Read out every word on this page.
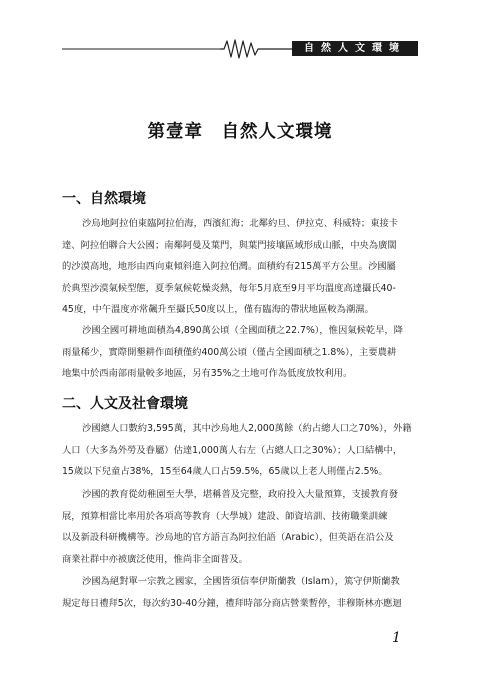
自然人文環境
第壹章　自然人文環境
一、自然環境

沙烏地阿拉伯東臨阿拉伯海，西濱紅海；北鄰約旦、伊拉克、科威特；東接卡
達、阿拉伯聯合大公國；南鄰阿曼及葉門，與葉門接壤區域形成山脈，中央為廣闊
的沙漠高地，地形由西向東傾斜進入阿拉伯灣。面積約有215萬平方公里。沙國屬
於典型沙漠氣候型態，夏季氣候乾燥炎熱，每年5月底至9月平均溫度高達攝氏40-
45度，中午溫度亦常飆升至攝氏50度以上，僅有臨海的帶狀地區較為潮濕。

沙國全國可耕地面積為4,890萬公頃（全國面積之22.7%），惟因氣候乾旱，降
雨量稀少，實際開墾耕作面積僅約400萬公頃（僅占全國面積之1.8%），主要農耕
地集中於西南部雨量較多地區，另有35%之土地可作為低度放牧利用。

二、人文及社會環境

沙國總人口數約3,595萬，其中沙烏地人2,000萬餘（約占總人口之70%），外籍
人口（大多為外勞及眷屬）估達1,000萬人右左（占總人口之30%）；人口結構中，
15歲以下兒童占38%，15至64歲人口占59.5%，65歲以上老人則僅占2.5%。

沙國的教育從幼稚園至大學，堪稱普及完整，政府投入大量預算，支援教育發
展，預算相當比率用於各項高等教育（大學城）建設、師資培訓、技術職業訓練
以及新設科研機構等。沙烏地的官方語言為阿拉伯語（Arabic），但英語在沿公及
商業社群中亦被廣泛使用，惟尚非全面普及。

沙國為絕對單一宗教之國家，全國皆須信奉伊斯蘭教（Islam），篤守伊斯蘭教
規定每日禮拜5次，每次約30-40分鐘，禮拜時部分商店營業暫停，非穆斯林亦應迴

1
